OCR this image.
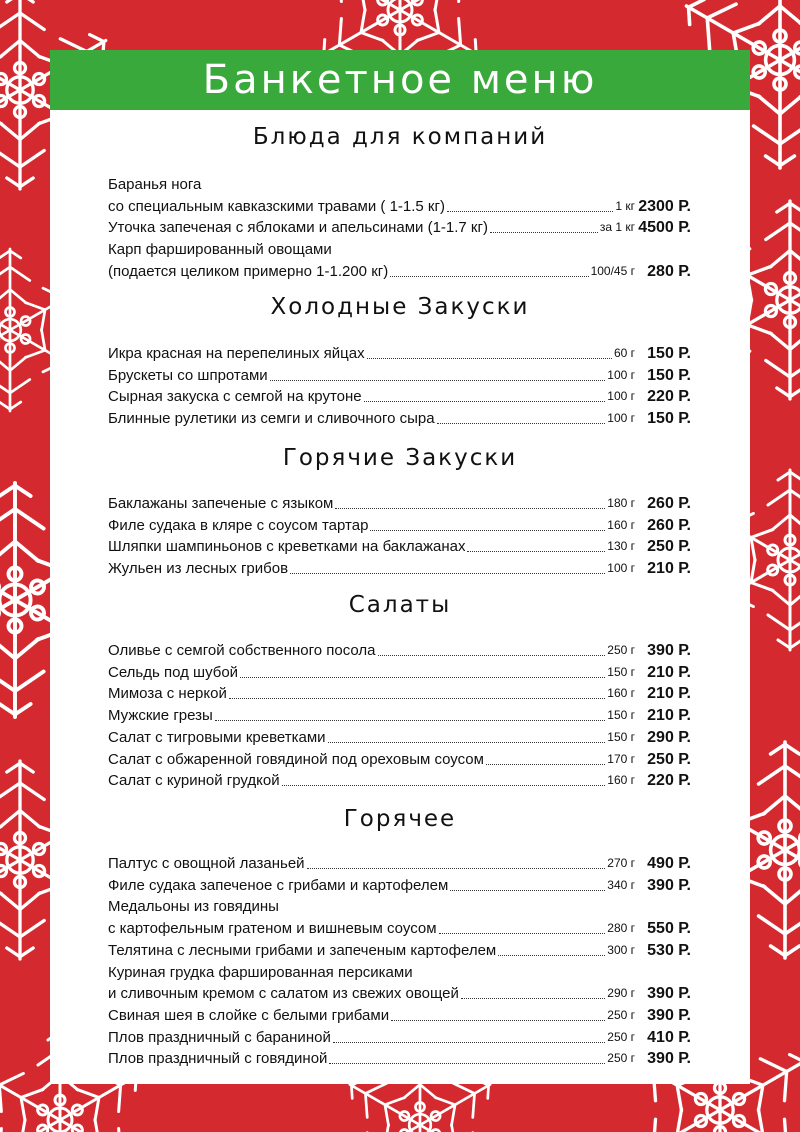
Банкетное меню
Блюда для компаний
Баранья нога
со специальным кавказскими травами ( 1-1.5 кг)	1 кг 2300 Р.
Уточка запеченая с яблоками и апельсинами (1-1.7 кг)	за 1 кг 4500 Р.
Карп фаршированный овощами
(подается целиком примерно 1-1.200 кг)	100/45 г 280 Р.
Холодные Закуски
Икра красная на перепелиных яйцах	60 г 150 Р.
Брускеты со шпротами	100 г 150 Р.
Сырная закуска с семгой на крутоне	100 г 220 Р.
Блинные рулетики из семги и сливочного сыра	100 г 150 Р.
Горячие Закуски
Баклажаны запеченые с языком	180 г 260 Р.
Филе судака в кляре с соусом тартар	160 г 260 Р.
Шляпки шампиньонов с креветками на баклажанах	130 г 250 Р.
Жульен из лесных грибов	100 г 210 Р.
Салаты
Оливье с семгой собственного посола	250 г 390 Р.
Сельдь под шубой	150 г 210 Р.
Мимоза с неркой	160 г 210 Р.
Мужские грезы	150 г 210 Р.
Салат с тигровыми креветками	150 г 290 Р.
Салат с обжаренной говядиной под ореховым соусом	170 г 250 Р.
Салат с куриной грудкой	160 г 220 Р.
Горячее
Палтус с овощной лазаньей	270 г 490 Р.
Филе судака запеченое с грибами и картофелем	340 г 390 Р.
Медальоны из говядины
с картофельным гратеном и вишневым соусом	280 г 550 Р.
Телятина с лесными грибами и запеченым картофелем	300 г 530 Р.
Куриная грудка фаршированная персиками
и сливочным кремом с салатом из свежих овощей	290 г 390 Р.
Свиная шея в слойке с белыми грибами	250 г 390 Р.
Плов праздничный с бараниной	250 г 410 Р.
Плов праздничный с говядиной	250 г 390 Р.
